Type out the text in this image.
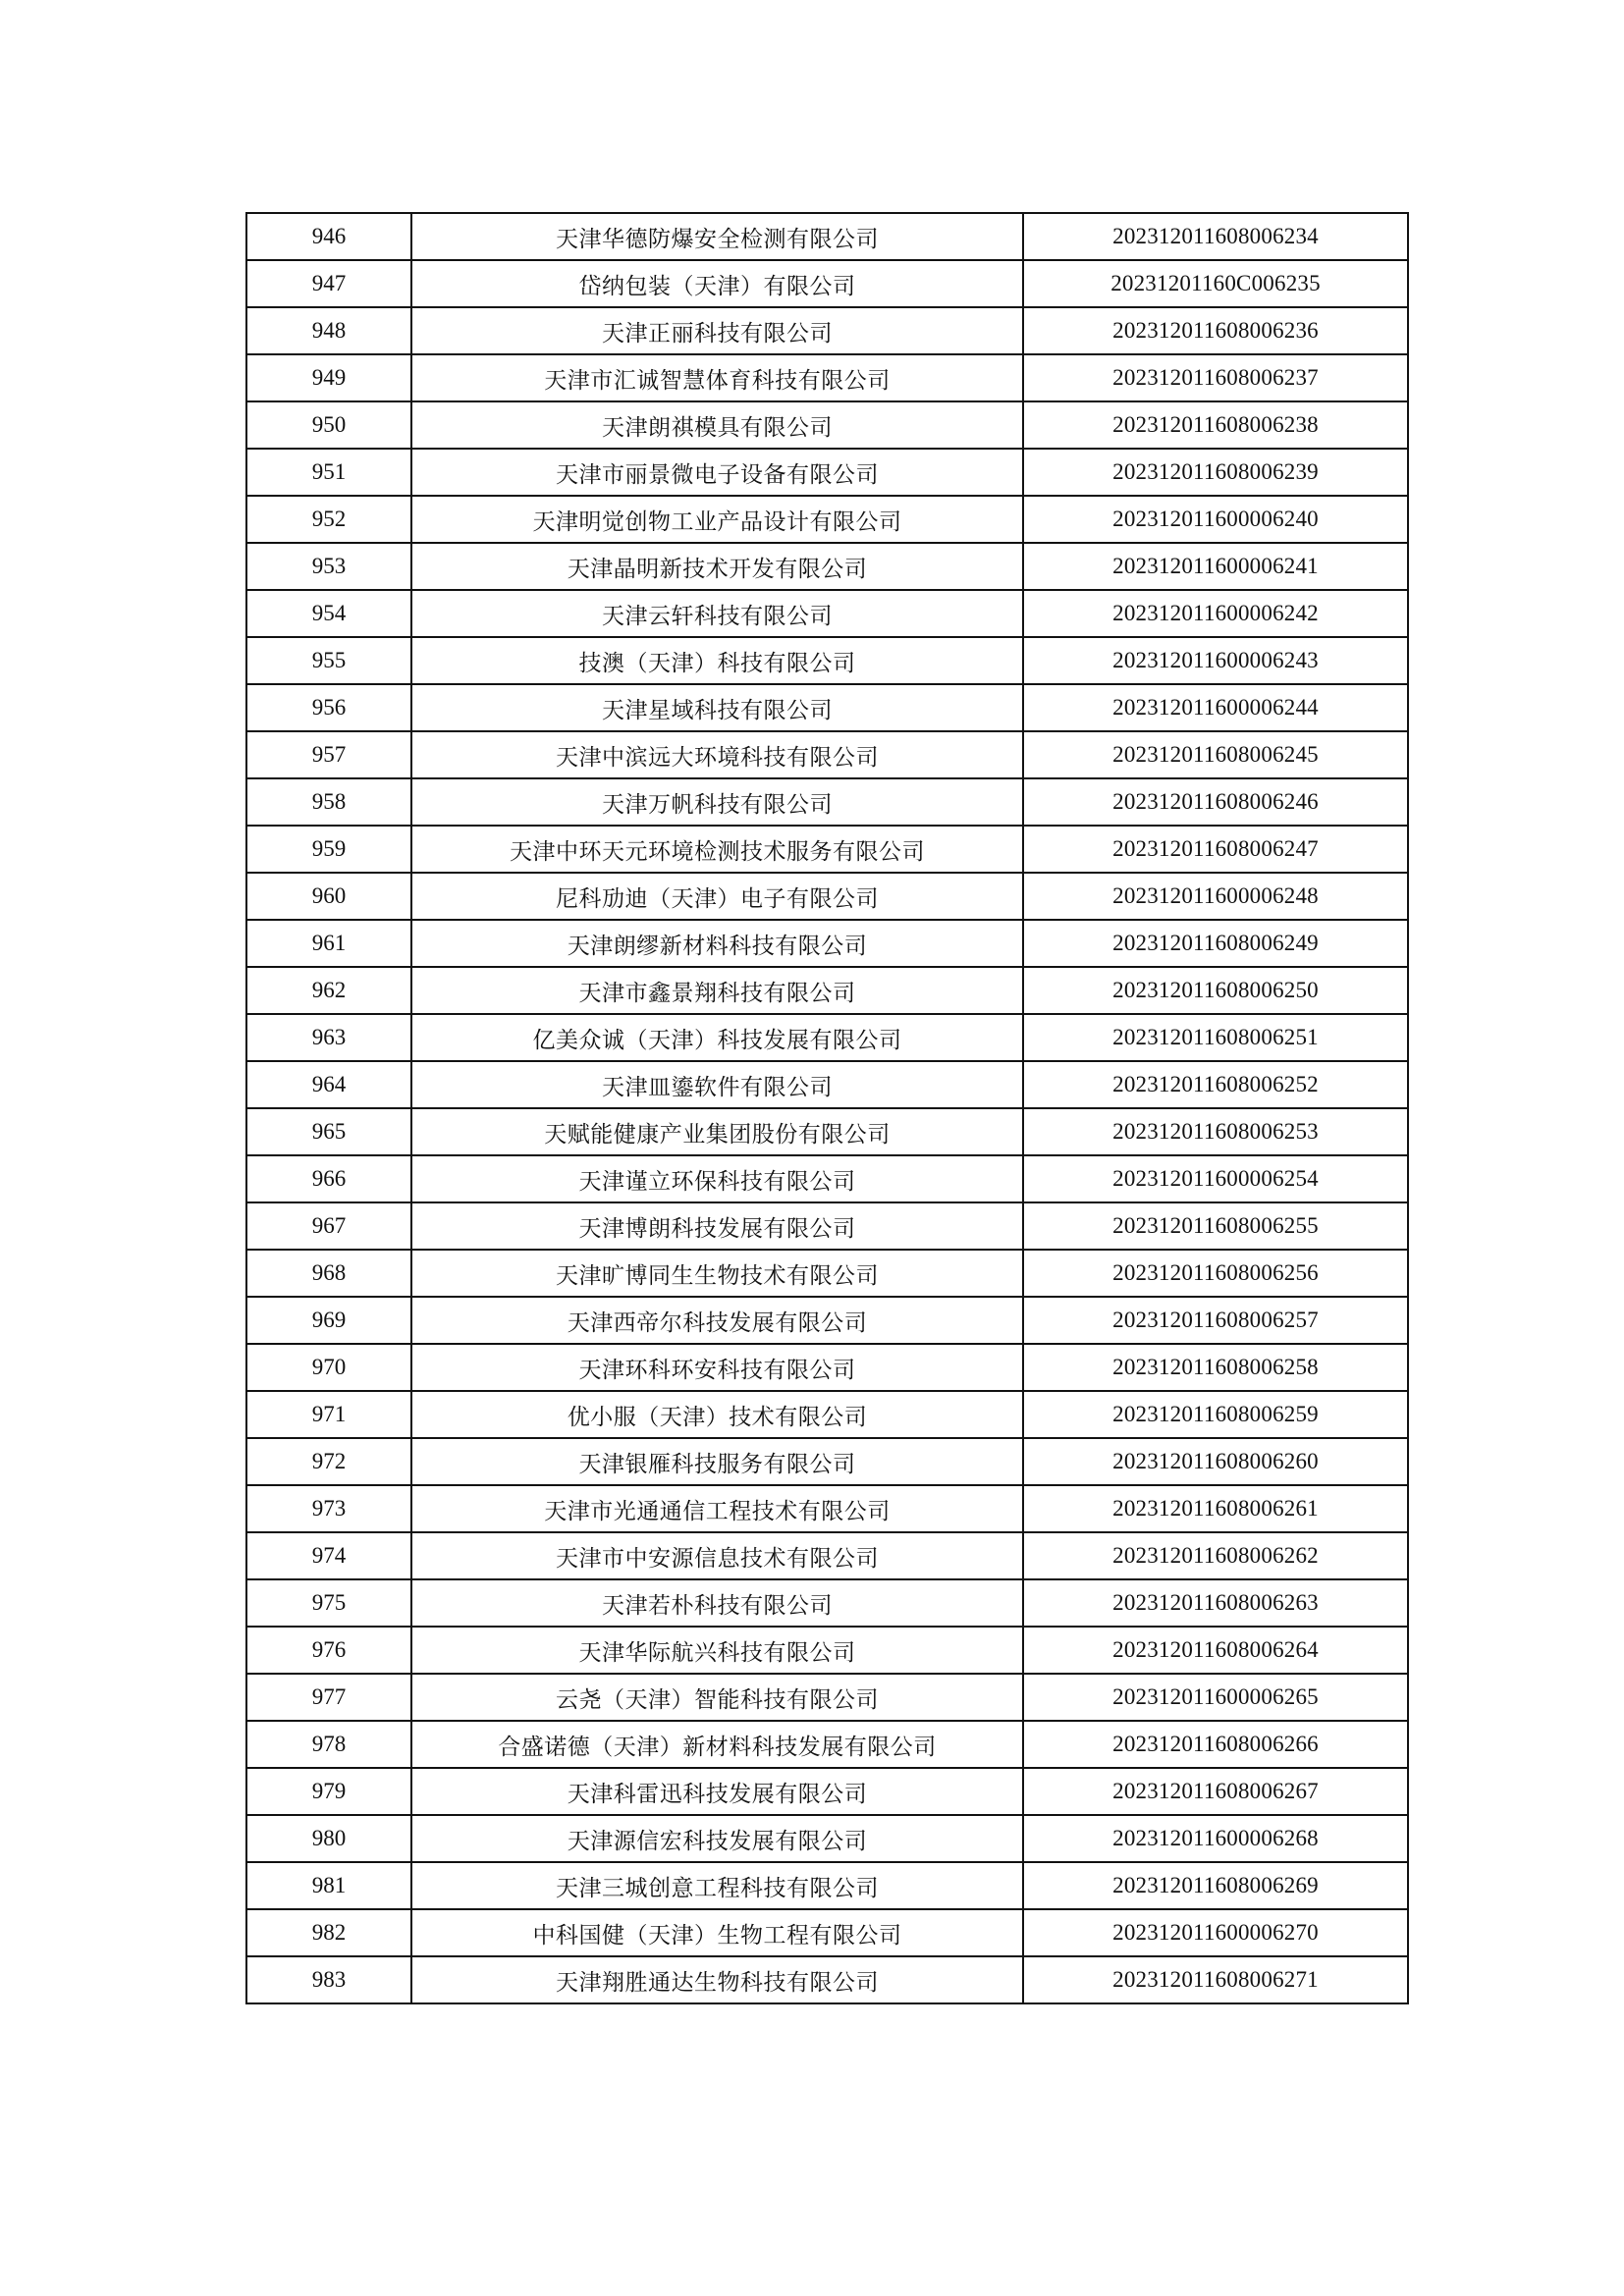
946	天津华德防爆安全检测有限公司	202312011608006234
947	岱纳包装（天津）有限公司	20231201160C006235
948	天津正丽科技有限公司	202312011608006236
949	天津市汇诚智慧体育科技有限公司	202312011608006237
950	天津朗祺模具有限公司	202312011608006238
951	天津市丽景微电子设备有限公司	202312011608006239
952	天津明觉创物工业产品设计有限公司	202312011600006240
953	天津晶明新技术开发有限公司	202312011600006241
954	天津云轩科技有限公司	202312011600006242
955	技澳（天津）科技有限公司	202312011600006243
956	天津星域科技有限公司	202312011600006244
957	天津中滨远大环境科技有限公司	202312011608006245
958	天津万帆科技有限公司	202312011608006246
959	天津中环天元环境检测技术服务有限公司	202312011608006247
960	尼科劢迪（天津）电子有限公司	202312011600006248
961	天津朗缪新材料科技有限公司	202312011608006249
962	天津市鑫景翔科技有限公司	202312011608006250
963	亿美众诚（天津）科技发展有限公司	202312011608006251
964	天津皿鎏软件有限公司	202312011608006252
965	天赋能健康产业集团股份有限公司	202312011608006253
966	天津谨立环保科技有限公司	202312011600006254
967	天津博朗科技发展有限公司	202312011608006255
968	天津旷博同生生物技术有限公司	202312011608006256
969	天津西帝尔科技发展有限公司	202312011608006257
970	天津环科环安科技有限公司	202312011608006258
971	优小服（天津）技术有限公司	202312011608006259
972	天津银雁科技服务有限公司	202312011608006260
973	天津市光通通信工程技术有限公司	202312011608006261
974	天津市中安源信息技术有限公司	202312011608006262
975	天津若朴科技有限公司	202312011608006263
976	天津华际航兴科技有限公司	202312011608006264
977	云尧（天津）智能科技有限公司	202312011600006265
978	合盛诺德（天津）新材料科技发展有限公司	202312011608006266
979	天津科雷迅科技发展有限公司	202312011608006267
980	天津源信宏科技发展有限公司	202312011600006268
981	天津三城创意工程科技有限公司	202312011608006269
982	中科国健（天津）生物工程有限公司	202312011600006270
983	天津翔胜通达生物科技有限公司	202312011608006271
